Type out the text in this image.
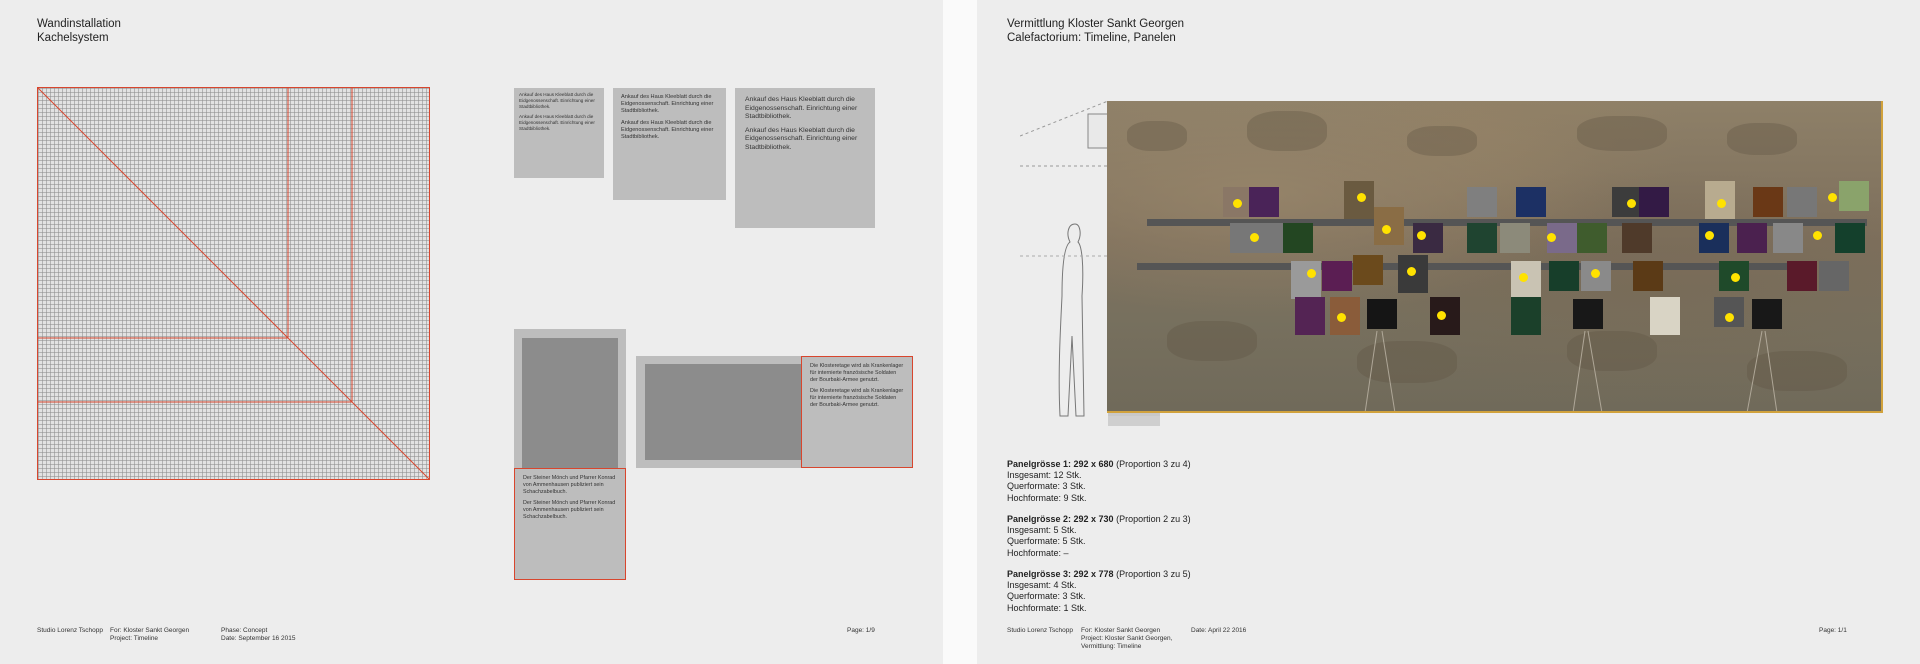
Wandinstallation
Kachelsystem

Ankauf des Haus Kleeblatt durch die Eidgenossenschaft. Einrichtung einer Stadtbibliothek.

Ankauf des Haus Kleeblatt durch die Eidgenossenschaft. Einrichtung einer Stadtbibliothek.

Ankauf des Haus Kleeblatt durch die Eidgenossenschaft. Einrichtung einer Stadtbibliothek.

Ankauf des Haus Kleeblatt durch die Eidgenossenschaft. Einrichtung einer Stadtbibliothek.

Ankauf des Haus Kleeblatt durch die Eidgenossenschaft. Einrichtung einer Stadtbibliothek.

Ankauf des Haus Kleeblatt durch die Eidgenossenschaft. Einrichtung einer Stadtbibliothek.

Der Steiner Mönch und Pfarrer Konrad von Ammenhausen publiziert sein Schachzabelbuch.

Der Steiner Mönch und Pfarrer Konrad von Ammenhausen publiziert sein Schachzabelbuch.

Die Klosteretage wird als Krankenlager für internierte französische Soldaten der Bourbaki-Armee genutzt.

Die Klosteretage wird als Krankenlager für internierte französische Soldaten der Bourbaki-Armee genutzt.

Studio Lorenz Tschopp For: Kloster Sankt Georgen
Project: Timeline
Phase: Concept
Date: September 16 2015
Page: 1/9
Vermittlung Kloster Sankt Georgen
Calefactorium: Timeline, Panelen
Panelgrösse 1: 292 x 680 (Proportion 3 zu 4)
Insgesamt: 12 Stk.
Querformate: 3 Stk.
Hochformate: 9 Stk.
Panelgrösse 2: 292 x 730 (Proportion 2 zu 3)
Insgesamt: 5 Stk.
Querformate: 5 Stk.
Hochformate: –
Panelgrösse 3: 292 x 778 (Proportion 3 zu 5)
Insgesamt: 4 Stk.
Querformate: 3 Stk.
Hochformate: 1 Stk.
Studio Lorenz Tschopp For: Kloster Sankt Georgen
Project: Kloster Sankt Georgen,
Vermittlung: Timeline
Date: April 22 2016	Page: 1/1
